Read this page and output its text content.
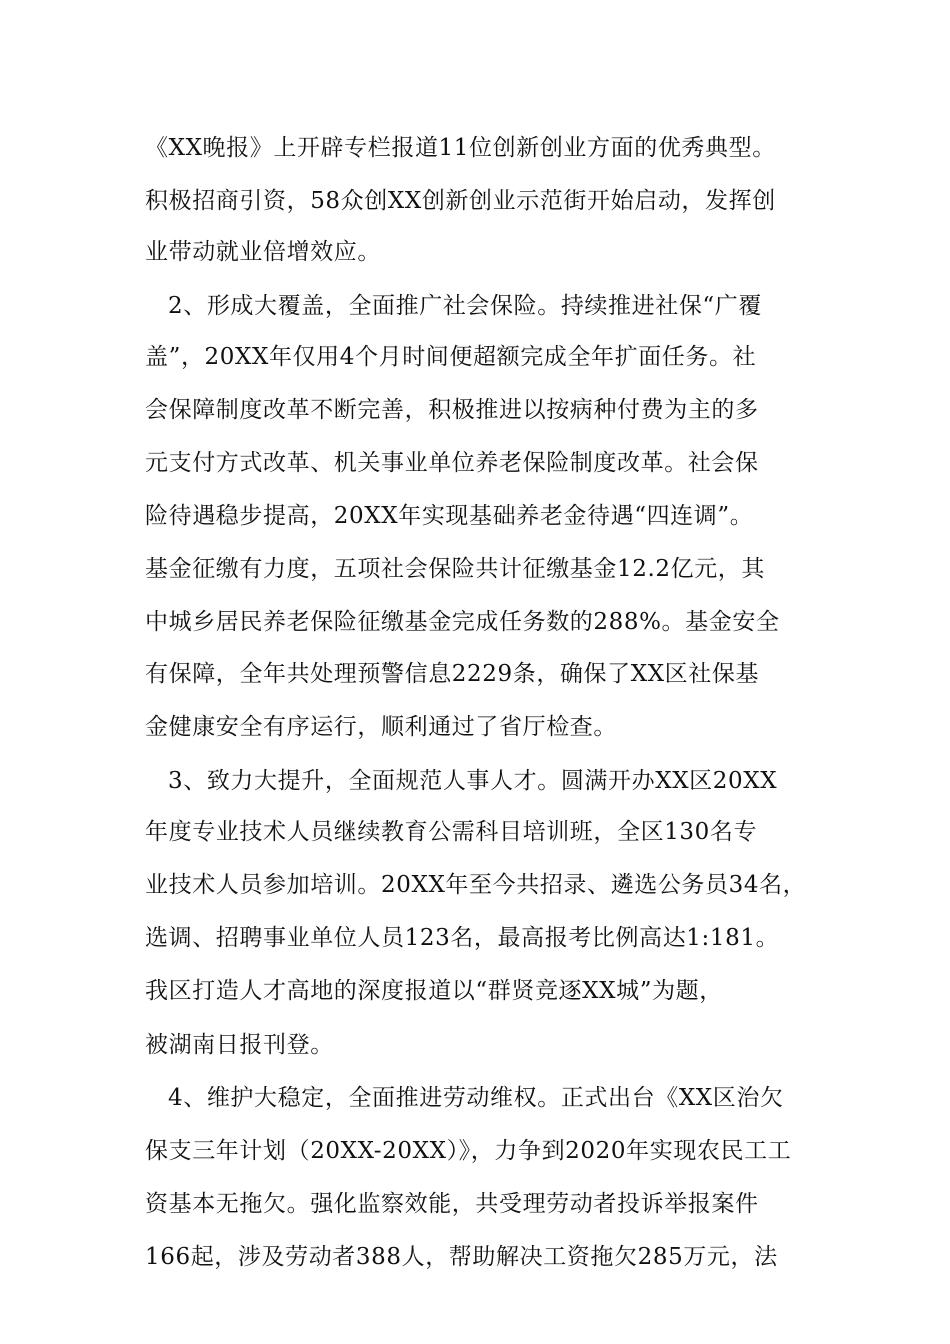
《XX晚报》上开辟专栏报道11位创新创业方面的优秀典型。

积极招商引资，58众创XX创新创业示范街开始启动，发挥创

业带动就业倍增效应。

2、形成大覆盖，全面推广社会保险。持续推进社保“广覆

盖”，20XX年仅用4个月时间便超额完成全年扩面任务。社

会保障制度改革不断完善，积极推进以按病种付费为主的多

元支付方式改革、机关事业单位养老保险制度改革。社会保

险待遇稳步提高，20XX年实现基础养老金待遇“四连调”。

基金征缴有力度，五项社会保险共计征缴基金12.2亿元，其

中城乡居民养老保险征缴基金完成任务数的288%。基金安全

有保障，全年共处理预警信息2229条，确保了XX区社保基

金健康安全有序运行，顺利通过了省厅检查。

3、致力大提升，全面规范人事人才。圆满开办XX区20XX

年度专业技术人员继续教育公需科目培训班，全区130名专

业技术人员参加培训。20XX年至今共招录、遴选公务员34名，

选调、招聘事业单位人员123名，最高报考比例高达1:181。

我区打造人才高地的深度报道以“群贤竞逐XX城”为题，

被湖南日报刊登。

4、维护大稳定，全面推进劳动维权。正式出台《XX区治欠

保支三年计划（20XX-20XX）》，力争到2020年实现农民工工

资基本无拖欠。强化监察效能，共受理劳动者投诉举报案件

166起，涉及劳动者388人，帮助解决工资拖欠285万元，法
